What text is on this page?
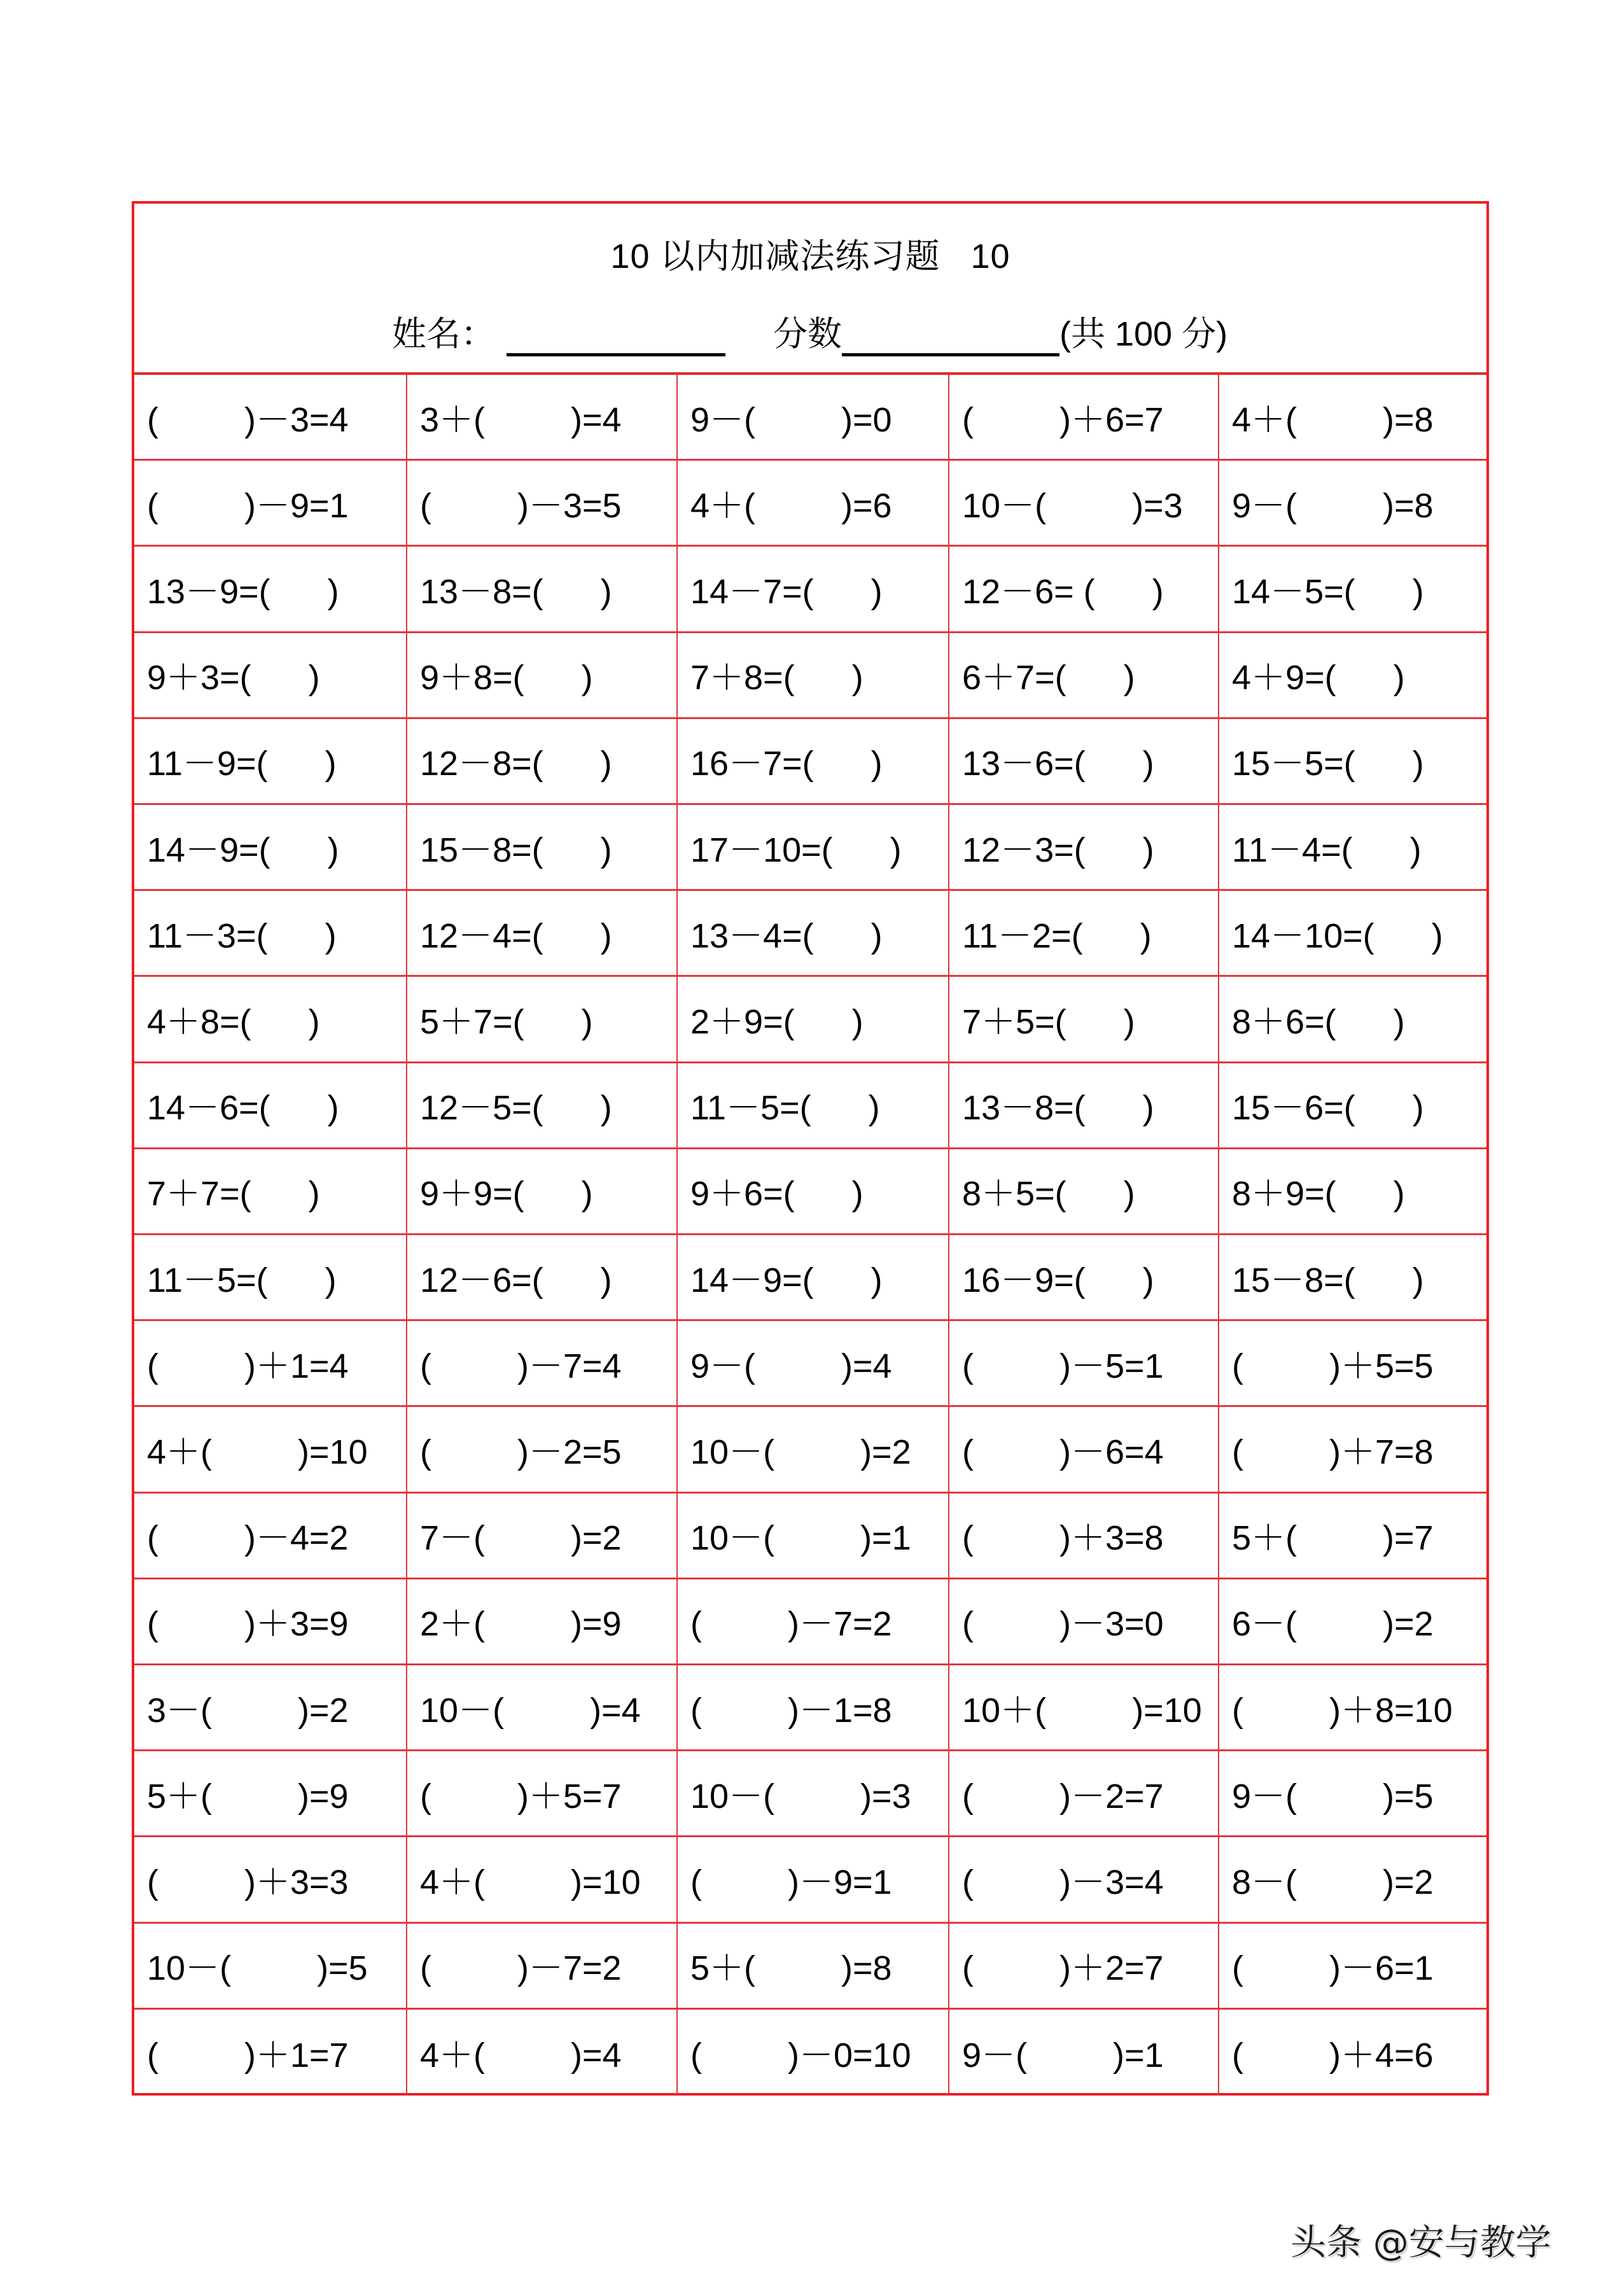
10 以内加减法练习题   10
姓名：	分数	(共 100 分)
(         )－3=4	3＋(         )=4	9－(         )=0	(         )＋6=7	4＋(         )=8
(         )－9=1	(         )－3=5	4＋(         )=6	10－(         )=3	9－(         )=8
13－9=(      )	13－8=(      )	14－7=(      )	12－6= (      )	14－5=(      )
9＋3=(      )	9＋8=(      )	7＋8=(      )	6＋7=(      )	4＋9=(      )
11－9=(      )	12－8=(      )	16－7=(      )	13－6=(      )	15－5=(      )
14－9=(      )	15－8=(      )	17－10=(      )	12－3=(      )	11－4=(      )
11－3=(      )	12－4=(      )	13－4=(      )	11－2=(      )	14－10=(      )
4＋8=(      )	5＋7=(      )	2＋9=(      )	7＋5=(      )	8＋6=(      )
14－6=(      )	12－5=(      )	11－5=(      )	13－8=(      )	15－6=(      )
7＋7=(      )	9＋9=(      )	9＋6=(      )	8＋5=(      )	8＋9=(      )
11－5=(      )	12－6=(      )	14－9=(      )	16－9=(      )	15－8=(      )
(         )＋1=4	(         )－7=4	9－(         )=4	(         )－5=1	(         )＋5=5
4＋(         )=10	(         )－2=5	10－(         )=2	(         )－6=4	(         )＋7=8
(         )－4=2	7－(         )=2	10－(         )=1	(         )＋3=8	5＋(         )=7
(         )＋3=9	2＋(         )=9	(         )－7=2	(         )－3=0	6－(         )=2
3－(         )=2	10－(         )=4	(         )－1=8	10＋(         )=10 (         )＋8=10
5＋(         )=9	(         )＋5=7	10－(         )=3	(         )－2=7	9－(         )=5
(         )＋3=3	4＋(         )=10	(         )－9=1	(         )－3=4	8－(         )=2
10－(         )=5	(         )－7=2	5＋(         )=8	(         )＋2=7	(         )－6=1
(         )＋1=7	4＋(         )=4	(         )－0=10	9－(         )=1	(         )＋4=6
头条 @安与教学
